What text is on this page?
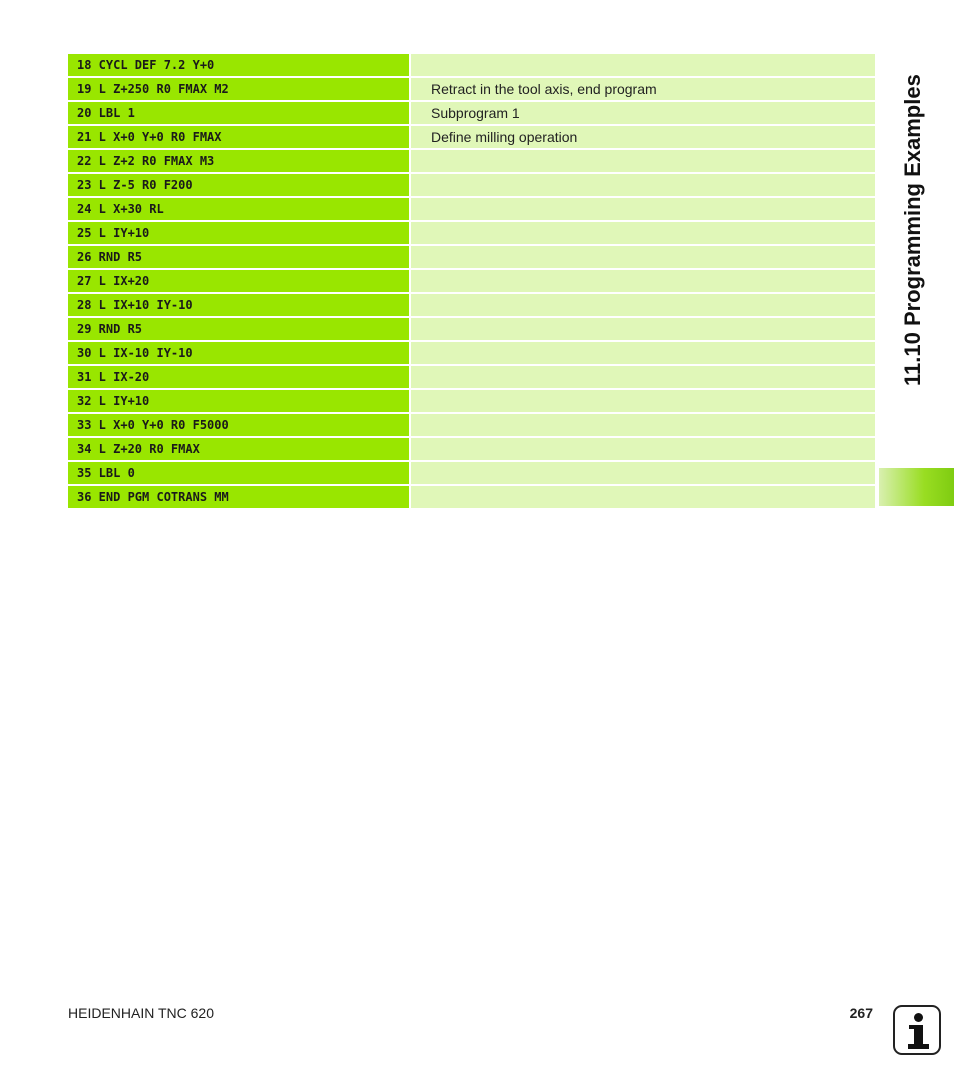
18 CYCL DEF 7.2 Y+0
19 L Z+250 R0 FMAX M2	Retract in the tool axis, end program
20 LBL 1	Subprogram 1
21 L X+0 Y+0 R0 FMAX	Define milling operation
22 L Z+2 R0 FMAX M3
23 L Z-5 R0 F200
24 L X+30 RL
25 L IY+10
26 RND R5
27 L IX+20
28 L IX+10 IY-10
29 RND R5
30 L IX-10 IY-10
31 L IX-20
32 L IY+10
33 L X+0 Y+0 R0 F5000
34 L Z+20 R0 FMAX
35 LBL 0
36 END PGM COTRANS MM
11.10 Programming Examples
HEIDENHAIN TNC 620	267
